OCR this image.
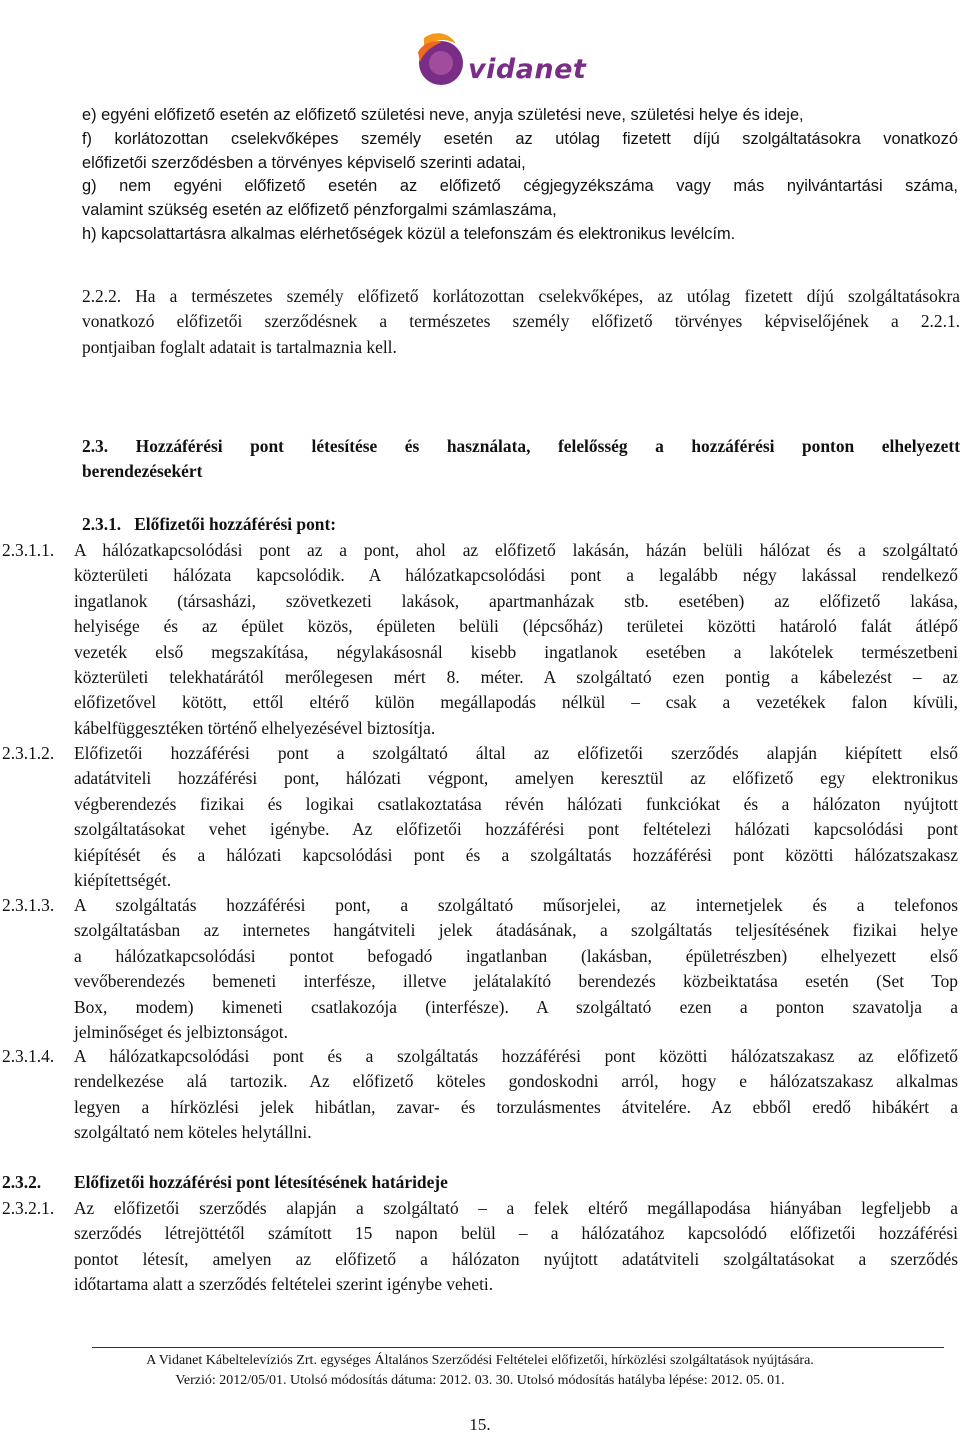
vidanet
e) egyéni előfizető esetén az előfizető születési neve, anyja születési neve, születési helye és ideje,
f) korlátozottan cselekvőképes személy esetén az utólag fizetett díjú szolgáltatásokra vonatkozó
előfizetői szerződésben a törvényes képviselő szerinti adatai,
g) nem egyéni előfizető esetén az előfizető cégjegyzékszáma vagy más nyilvántartási száma,
valamint szükség esetén az előfizető pénzforgalmi számlaszáma,
h) kapcsolattartásra alkalmas elérhetőségek közül a telefonszám és elektronikus levélcím.
2.2.2. Ha a természetes személy előfizető korlátozottan cselekvőképes, az utólag fizetett díjú szolgáltatásokra
vonatkozó előfizetői szerződésnek a természetes személy előfizető törvényes képviselőjének a 2.2.1.
pontjaiban foglalt adatait is tartalmaznia kell.
2.3. Hozzáférési pont létesítése és használata, felelősség a hozzáférési ponton elhelyezett
berendezésekért
2.3.1. Előfizetői hozzáférési pont:
2.3.1.1. A hálózatkapcsolódási pont az a pont, ahol az előfizető lakásán, házán belüli hálózat és a szolgáltató
közterületi hálózata kapcsolódik. A hálózatkapcsolódási pont a legalább négy lakással rendelkező
ingatlanok (társasházi, szövetkezeti lakások, apartmanházak stb. esetében) az előfizető lakása,
helyisége és az épület közös, épületen belüli (lépcsőház) területei közötti határoló falát átlépő
vezeték első megszakítása, négylakásosnál kisebb ingatlanok esetében a lakótelek természetbeni
közterületi telekhatárától merőlegesen mért 8. méter. A szolgáltató ezen pontig a kábelezést – az
előfizetővel kötött, ettől eltérő külön megállapodás nélkül – csak a vezetékek falon kívüli,
kábelfüggesztéken történő elhelyezésével biztosítja.
2.3.1.2. Előfizetői hozzáférési pont a szolgáltató által az előfizetői szerződés alapján kiépített első
adatátviteli hozzáférési pont, hálózati végpont, amelyen keresztül az előfizető egy elektronikus
végberendezés fizikai és logikai csatlakoztatása révén hálózati funkciókat és a hálózaton nyújtott
szolgáltatásokat vehet igénybe. Az előfizetői hozzáférési pont feltételezi hálózati kapcsolódási pont
kiépítését és a hálózati kapcsolódási pont és a szolgáltatás hozzáférési pont közötti hálózatszakasz
kiépítettségét.
2.3.1.3. A szolgáltatás hozzáférési pont, a szolgáltató műsorjelei, az internetjelek és a telefonos
szolgáltatásban az internetes hangátviteli jelek átadásának, a szolgáltatás teljesítésének fizikai helye
a hálózatkapcsolódási pontot befogadó ingatlanban (lakásban, épületrészben) elhelyezett első
vevőberendezés bemeneti interfésze, illetve jelátalakító berendezés közbeiktatása esetén (Set Top
Box, modem) kimeneti csatlakozója (interfésze). A szolgáltató ezen a ponton szavatolja a
jelminőséget és jelbiztonságot.
2.3.1.4. A hálózatkapcsolódási pont és a szolgáltatás hozzáférési pont közötti hálózatszakasz az előfizető
rendelkezése alá tartozik. Az előfizető köteles gondoskodni arról, hogy e hálózatszakasz alkalmas
legyen a hírközlési jelek hibátlan, zavar- és torzulásmentes átvitelére. Az ebből eredő hibákért a
szolgáltató nem köteles helytállni.
2.3.2. Előfizetői hozzáférési pont létesítésének határideje
2.3.2.1. Az előfizetői szerződés alapján a szolgáltató – a felek eltérő megállapodása hiányában legfeljebb a
szerződés létrejöttétől számított 15 napon belül – a hálózatához kapcsolódó előfizetői hozzáférési
pontot létesít, amelyen az előfizető a hálózaton nyújtott adatátviteli szolgáltatásokat a szerződés
időtartama alatt a szerződés feltételei szerint igénybe veheti.
A Vidanet Kábeltelevíziós Zrt. egységes Általános Szerződési Feltételei előfizetői, hírközlési szolgáltatások nyújtására.
Verzió: 2012/05/01. Utolsó módosítás dátuma: 2012. 03. 30. Utolsó módosítás hatályba lépése: 2012. 05. 01.
15.
